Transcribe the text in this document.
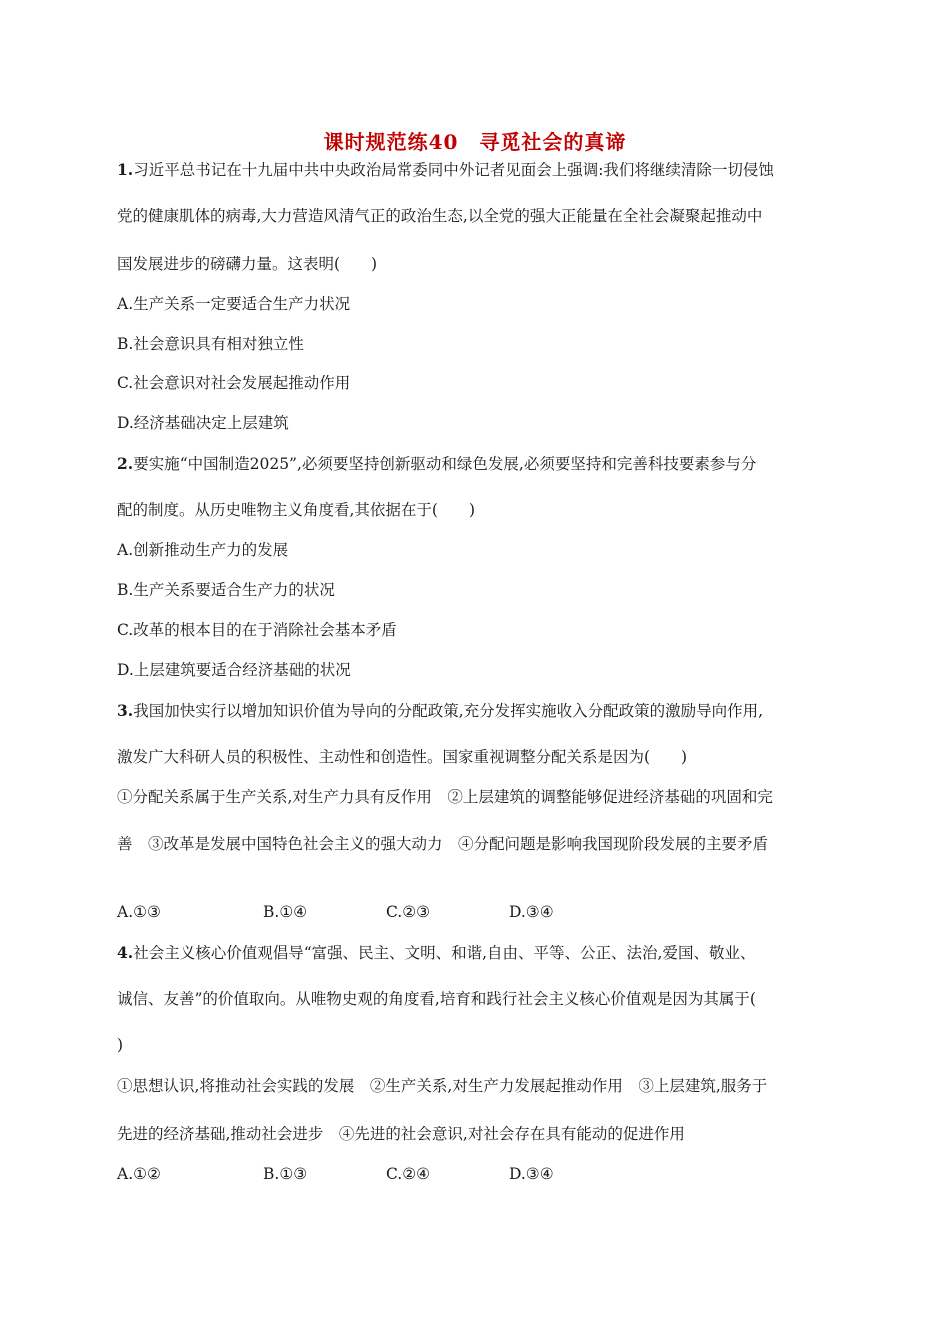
课时规范练40　寻觅社会的真谛
1.习近平总书记在十九届中共中央政治局常委同中外记者见面会上强调:我们将继续清除一切侵蚀
党的健康肌体的病毒,大力营造风清气正的政治生态,以全党的强大正能量在全社会凝聚起推动中
国发展进步的磅礴力量。这表明(　　)
A.生产关系一定要适合生产力状况
B.社会意识具有相对独立性
C.社会意识对社会发展起推动作用
D.经济基础决定上层建筑
2.要实施“中国制造2025”,必须要坚持创新驱动和绿色发展,必须要坚持和完善科技要素参与分
配的制度。从历史唯物主义角度看,其依据在于(　　)
A.创新推动生产力的发展
B.生产关系要适合生产力的状况
C.改革的根本目的在于消除社会基本矛盾
D.上层建筑要适合经济基础的状况
3.我国加快实行以增加知识价值为导向的分配政策,充分发挥实施收入分配政策的激励导向作用,
激发广大科研人员的积极性、主动性和创造性。国家重视调整分配关系是因为(　　)
①分配关系属于生产关系,对生产力具有反作用　②上层建筑的调整能够促进经济基础的巩固和完
善　③改革是发展中国特色社会主义的强大动力　④分配问题是影响我国现阶段发展的主要矛盾
A.①③	B.①④	C.②③	D.③④
4.社会主义核心价值观倡导“富强、民主、文明、和谐,自由、平等、公正、法治,爱国、敬业、
诚信、友善”的价值取向。从唯物史观的角度看,培育和践行社会主义核心价值观是因为其属于(
)
①思想认识,将推动社会实践的发展　②生产关系,对生产力发展起推动作用　③上层建筑,服务于
先进的经济基础,推动社会进步　④先进的社会意识,对社会存在具有能动的促进作用
A.①②	B.①③	C.②④	D.③④
